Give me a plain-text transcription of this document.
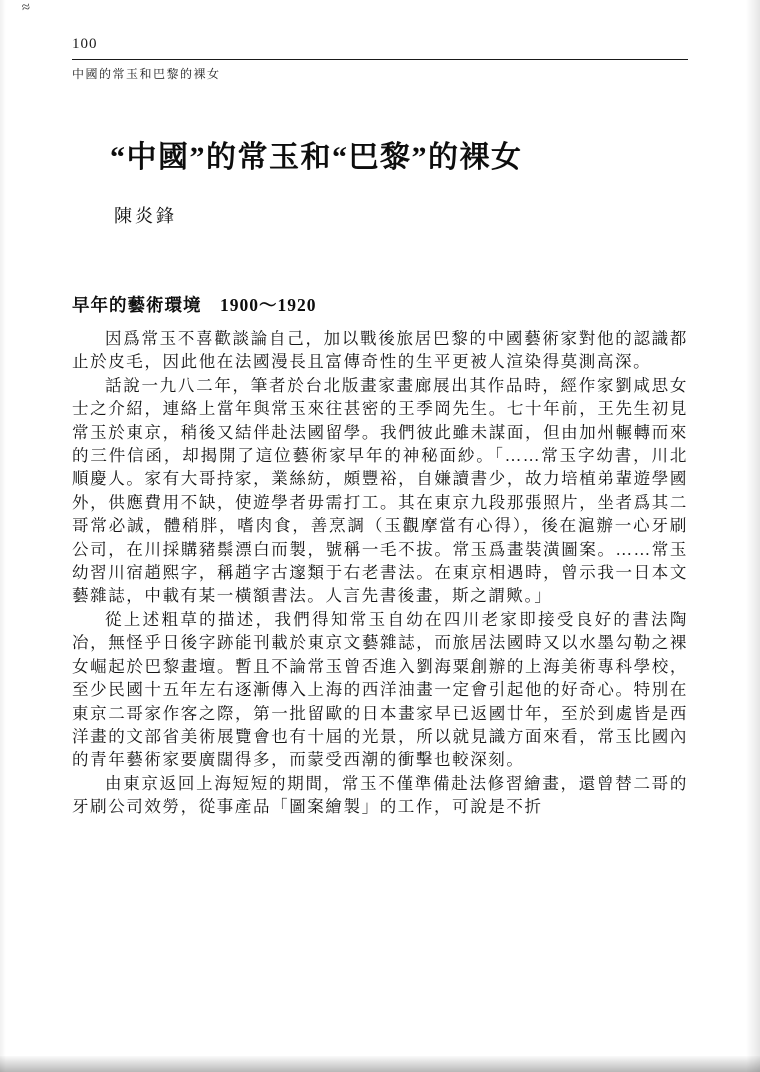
≈
100
中國的常玉和巴黎的裸女
“中國”的常玉和“巴黎”的裸女
陳炎鋒
早年的藝術環境　1900～1920

因爲常玉不喜歡談論自己，加以戰後旅居巴黎的中國藝術家對他的認識都止於皮毛，因此他在法國漫長且富傳奇性的生平更被人渲染得莫測高深。

話說一九八二年，筆者於台北版畫家畫廊展出其作品時，經作家劉咸思女士之介紹，連絡上當年與常玉來往甚密的王季岡先生。七十年前，王先生初見常玉於東京，稍後又結伴赴法國留學。我們彼此雖未謀面，但由加州輾轉而來的三件信函，却揭開了這位藝術家早年的神秘面紗。「……常玉字幼書，川北順慶人。家有大哥持家，業絲紡，頗豐裕，自嫌讀書少，故力培植弟輩遊學國外，供應費用不缺，使遊學者毋需打工。其在東京九段那張照片，坐者爲其二哥常必誠，體稍胖，嗜肉食，善烹調（玉觀摩當有心得），後在滬辦一心牙刷公司，在川採購豬鬃漂白而製，號稱一毛不拔。常玉爲畫裝潢圖案。……常玉幼習川宿趙熙字，稱趙字古邃類于右老書法。在東京相遇時，曾示我一日本文藝雜誌，中載有某一橫額書法。人言先書後畫，斯之謂歟。」

從上述粗草的描述，我們得知常玉自幼在四川老家即接受良好的書法陶冶，無怪乎日後字跡能刊載於東京文藝雜誌，而旅居法國時又以水墨勾勒之裸女崛起於巴黎畫壇。暫且不論常玉曾否進入劉海粟創辦的上海美術專科學校，至少民國十五年左右逐漸傳入上海的西洋油畫一定會引起他的好奇心。特別在東京二哥家作客之際，第一批留歐的日本畫家早已返國廿年，至於到處皆是西洋畫的文部省美術展覽會也有十屆的光景，所以就見識方面來看，常玉比國內的青年藝術家要廣闊得多，而蒙受西潮的衝擊也較深刻。

由東京返回上海短短的期間，常玉不僅準備赴法修習繪畫，還曾替二哥的牙刷公司效勞，從事產品「圖案繪製」的工作，可說是不折
